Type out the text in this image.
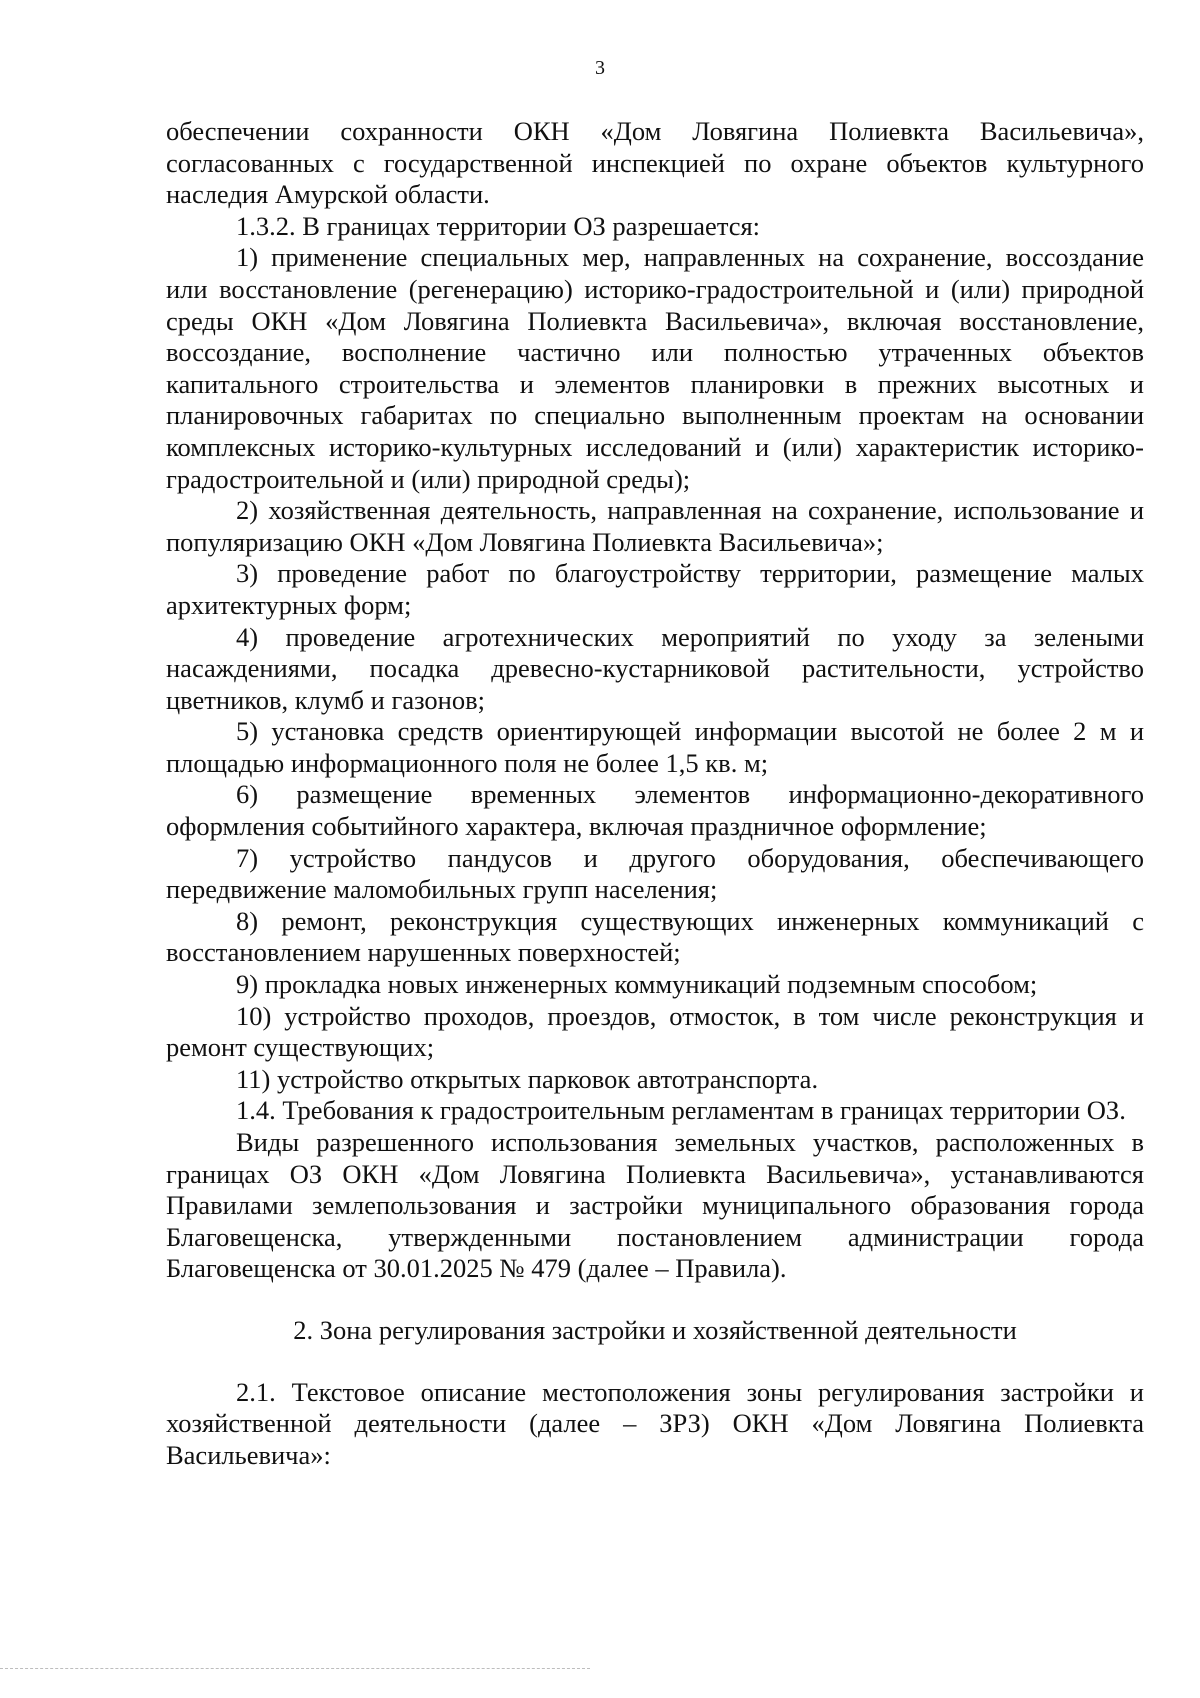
3

обеспечении сохранности ОКН «Дом Ловягина Полиевкта Васильевича», согласованных с государственной инспекцией по охране объектов культурного наследия Амурской области.

1.3.2. В границах территории ОЗ разрешается:

1) применение специальных мер, направленных на сохранение, воссоздание или восстановление (регенерацию) историко-градостроительной и (или) природной среды ОКН «Дом Ловягина Полиевкта Васильевича», включая восстановление, воссоздание, восполнение частично или полностью утраченных объектов капитального строительства и элементов планировки в прежних высотных и планировочных габаритах по специально выполненным проектам на основании комплексных историко-культурных исследований и (или) характеристик историко-градостроительной и (или) природной среды);

2) хозяйственная деятельность, направленная на сохранение, использование и популяризацию ОКН «Дом Ловягина Полиевкта Васильевича»;

3) проведение работ по благоустройству территории, размещение малых архитектурных форм;

4) проведение агротехнических мероприятий по уходу за зелеными насаждениями, посадка древесно-кустарниковой растительности, устройство цветников, клумб и газонов;

5) установка средств ориентирующей информации высотой не более 2 м и площадью информационного поля не более 1,5 кв. м;

6) размещение временных элементов информационно-декоративного оформления событийного характера, включая праздничное оформление;

7) устройство пандусов и другого оборудования, обеспечивающего передвижение маломобильных групп населения;

8) ремонт, реконструкция существующих инженерных коммуникаций с восстановлением нарушенных поверхностей;

9) прокладка новых инженерных коммуникаций подземным способом;

10) устройство проходов, проездов, отмосток, в том числе реконструкция и ремонт существующих;

11) устройство открытых парковок автотранспорта.

1.4. Требования к градостроительным регламентам в границах территории ОЗ.

Виды разрешенного использования земельных участков, расположенных в границах ОЗ ОКН «Дом Ловягина Полиевкта Васильевича», устанавливаются Правилами землепользования и застройки муниципального образования города Благовещенска, утвержденными постановлением администрации города Благовещенска от 30.01.2025 № 479 (далее – Правила).

2. Зона регулирования застройки и хозяйственной деятельности

2.1. Текстовое описание местоположения зоны регулирования застройки и хозяйственной деятельности (далее – ЗРЗ) ОКН «Дом Ловягина Полиевкта Васильевича»:
